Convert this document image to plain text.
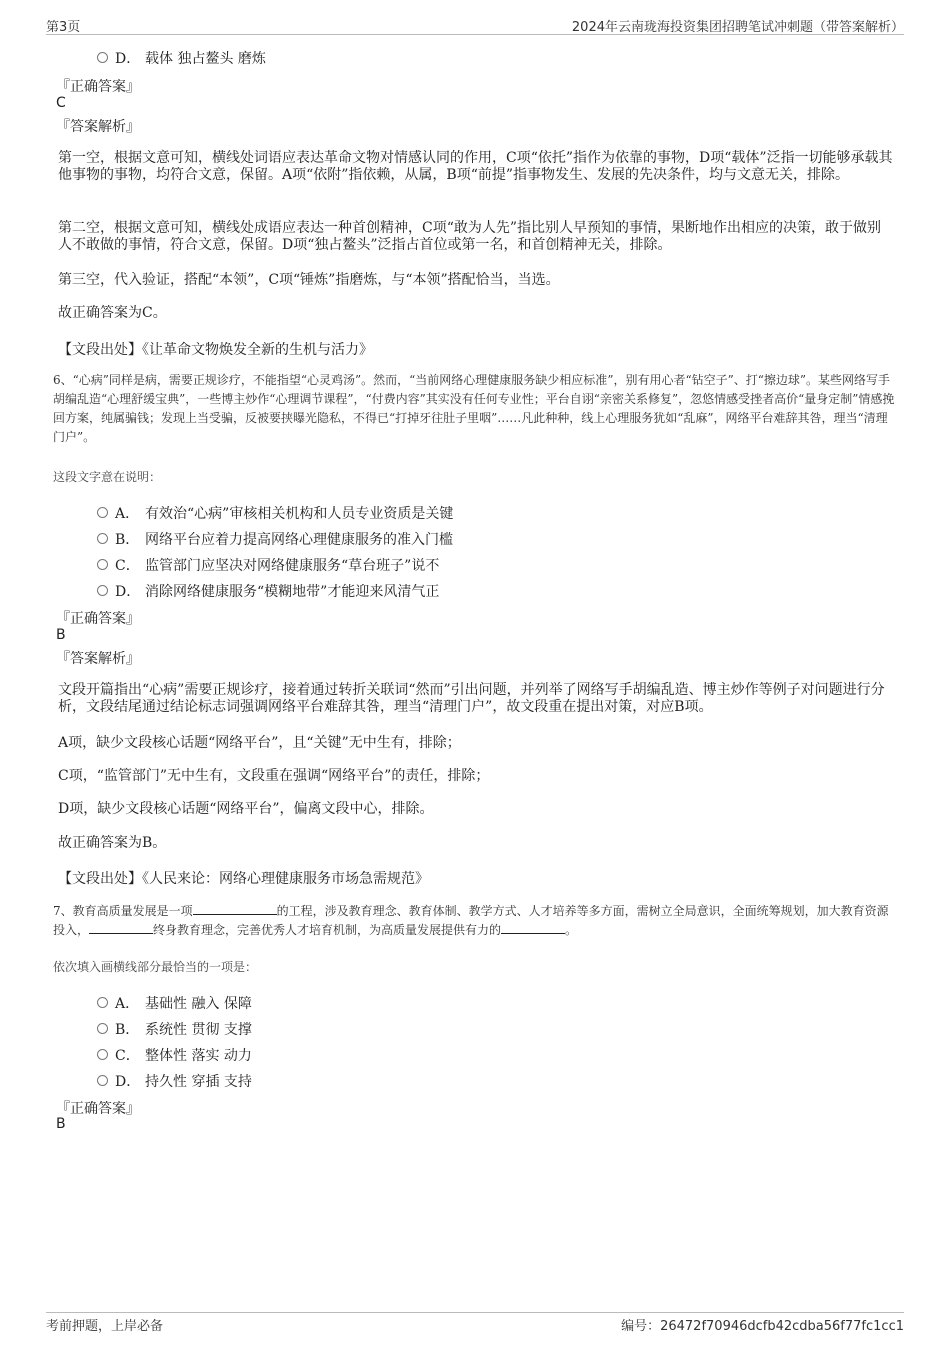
第3页	2024年云南珑海投资集团招聘笔试冲刺题（带答案解析）
D． 载体 独占鳌头 磨炼
『正确答案』
C
『答案解析』
第一空，根据文意可知，横线处词语应表达革命文物对情感认同的作用，C项“依托”指作为依靠的事物，D项“载体”泛指一切能够承载其他事物的事物，均符合文意，保留。A项“依附”指依赖，从属，B项“前提”指事物发生、发展的先决条件，均与文意无关，排除。
第二空，根据文意可知，横线处成语应表达一种首创精神，C项“敢为人先”指比别人早预知的事情，果断地作出相应的决策，敢于做别人不敢做的事情，符合文意，保留。D项“独占鳌头”泛指占首位或第一名，和首创精神无关，排除。
第三空，代入验证，搭配“本领”，C项“锤炼”指磨炼，与“本领”搭配恰当，当选。
故正确答案为C。
【文段出处】《让革命文物焕发全新的生机与活力》
6、“心病”同样是病，需要正规诊疗，不能指望“心灵鸡汤”。然而，“当前网络心理健康服务缺少相应标准”，别有用心者“钻空子”、打“擦边球”。某些网络写手胡编乱造“心理舒缓宝典”，一些博主炒作“心理调节课程”，“付费内容”其实没有任何专业性；平台自诩“亲密关系修复”，忽悠情感受挫者高价“量身定制”情感挽回方案，纯属骗钱；发现上当受骗，反被要挟曝光隐私，不得已“打掉牙往肚子里咽”……凡此种种，线上心理服务犹如“乱麻”，网络平台难辞其咎，理当“清理门户”。
这段文字意在说明：
A． 有效治“心病”审核相关机构和人员专业资质是关键
B． 网络平台应着力提高网络心理健康服务的准入门槛
C． 监管部门应坚决对网络健康服务“草台班子”说不
D． 消除网络健康服务“模糊地带”才能迎来风清气正
『正确答案』
B
『答案解析』
文段开篇指出“心病”需要正规诊疗，接着通过转折关联词“然而”引出问题，并列举了网络写手胡编乱造、博主炒作等例子对问题进行分析，文段结尾通过结论标志词强调网络平台难辞其咎，理当“清理门户”，故文段重在提出对策，对应B项。
A项，缺少文段核心话题“网络平台”，且“关键”无中生有，排除；
C项，“监管部门”无中生有，文段重在强调“网络平台”的责任，排除；
D项，缺少文段核心话题“网络平台”，偏离文段中心，排除。
故正确答案为B。
【文段出处】《人民来论：网络心理健康服务市场急需规范》
7、教育高质量发展是一项	的工程，涉及教育理念、教育体制、教学方式、人才培养等多方面，需树立全局意识，全面统筹规划，加大教育资源投入，	终身教育理念，完善优秀人才培育机制，为高质量发展提供有力的	。
依次填入画横线部分最恰当的一项是：
A． 基础性 融入 保障
B． 系统性 贯彻 支撑
C． 整体性 落实 动力
D． 持久性 穿插 支持
『正确答案』
B
考前押题，上岸必备	编号：26472f70946dcfb42cdba56f77fc1cc1
